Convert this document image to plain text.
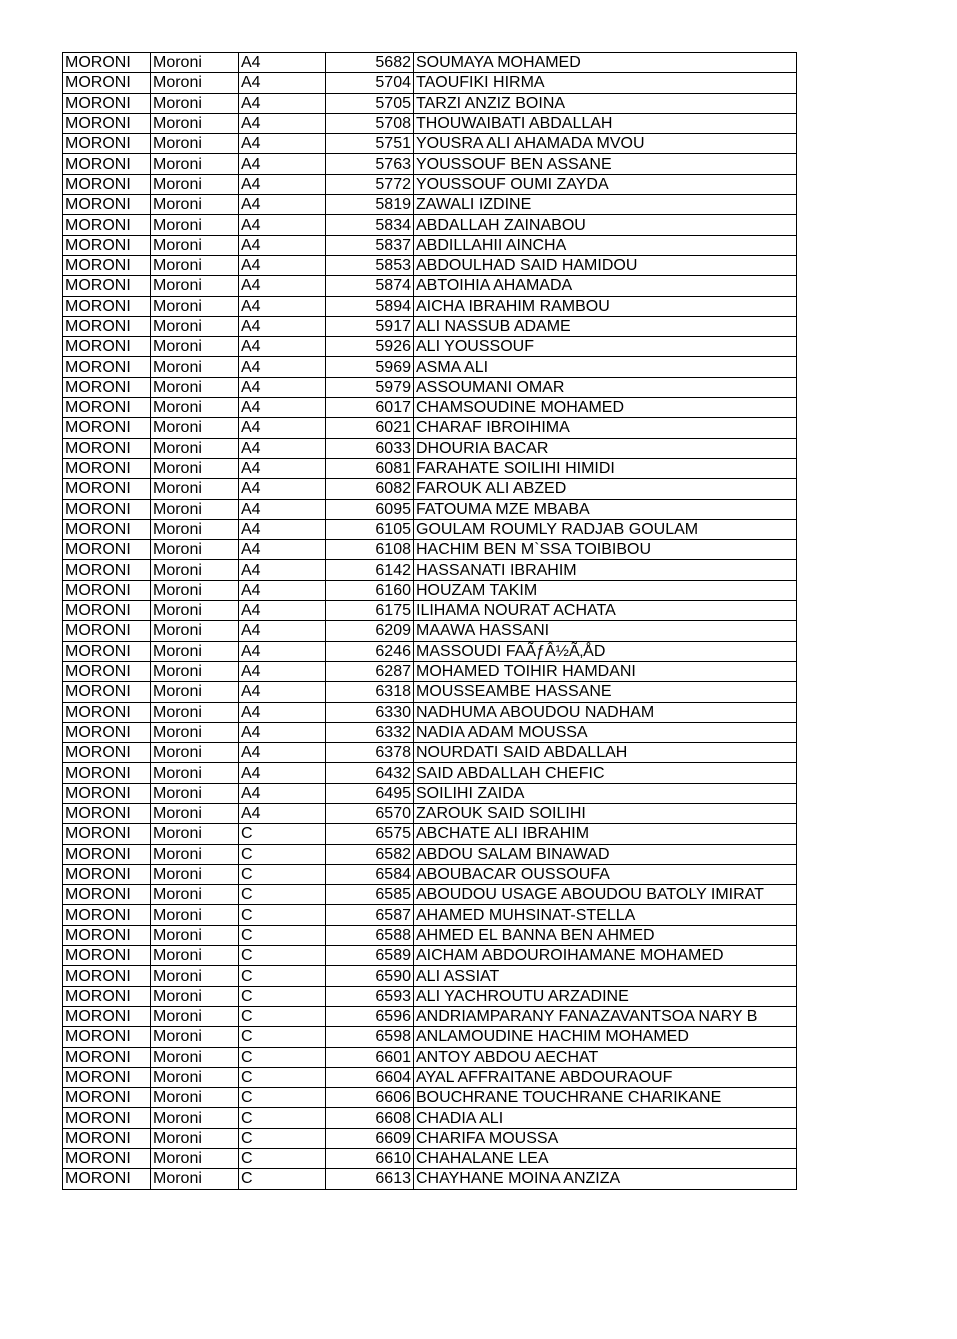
MORONI	Moroni	A4	5682	SOUMAYA MOHAMED
MORONI	Moroni	A4	5704	TAOUFIKI HIRMA
MORONI	Moroni	A4	5705	TARZI ANZIZ BOINA
MORONI	Moroni	A4	5708	THOUWAIBATI ABDALLAH
MORONI	Moroni	A4	5751	YOUSRA ALI AHAMADA MVOU
MORONI	Moroni	A4	5763	YOUSSOUF BEN ASSANE
MORONI	Moroni	A4	5772	YOUSSOUF OUMI ZAYDA
MORONI	Moroni	A4	5819	ZAWALI IZDINE
MORONI	Moroni	A4	5834	ABDALLAH ZAINABOU
MORONI	Moroni	A4	5837	ABDILLAHII AINCHA
MORONI	Moroni	A4	5853	ABDOULHAD SAID HAMIDOU
MORONI	Moroni	A4	5874	ABTOIHIA AHAMADA
MORONI	Moroni	A4	5894	AICHA IBRAHIM RAMBOU
MORONI	Moroni	A4	5917	ALI NASSUB ADAME
MORONI	Moroni	A4	5926	ALI YOUSSOUF
MORONI	Moroni	A4	5969	ASMA ALI
MORONI	Moroni	A4	5979	ASSOUMANI OMAR
MORONI	Moroni	A4	6017	CHAMSOUDINE MOHAMED
MORONI	Moroni	A4	6021	CHARAF IBROIHIMA
MORONI	Moroni	A4	6033	DHOURIA BACAR
MORONI	Moroni	A4	6081	FARAHATE SOILIHI HIMIDI
MORONI	Moroni	A4	6082	FAROUK ALI ABZED
MORONI	Moroni	A4	6095	FATOUMA MZE MBABA
MORONI	Moroni	A4	6105	GOULAM ROUMLY RADJAB GOULAM
MORONI	Moroni	A4	6108	HACHIM BEN M`SSA TOIBIBOU
MORONI	Moroni	A4	6142	HASSANATI IBRAHIM
MORONI	Moroni	A4	6160	HOUZAM TAKIM
MORONI	Moroni	A4	6175	ILIHAMA NOURAT ACHATA
MORONI	Moroni	A4	6209	MAAWA HASSANI
MORONI	Moroni	A4	6246	MASSOUDI FAÃƒÂ½Ã‚ÅD
MORONI	Moroni	A4	6287	MOHAMED TOIHIR HAMDANI
MORONI	Moroni	A4	6318	MOUSSEAMBE HASSANE
MORONI	Moroni	A4	6330	NADHUMA ABOUDOU NADHAM
MORONI	Moroni	A4	6332	NADIA ADAM MOUSSA
MORONI	Moroni	A4	6378	NOURDATI SAID ABDALLAH
MORONI	Moroni	A4	6432	SAID ABDALLAH CHEFIC
MORONI	Moroni	A4	6495	SOILIHI ZAIDA
MORONI	Moroni	A4	6570	ZAROUK SAID SOILIHI
MORONI	Moroni	C	6575	ABCHATE ALI IBRAHIM
MORONI	Moroni	C	6582	ABDOU SALAM BINAWAD
MORONI	Moroni	C	6584	ABOUBACAR OUSSOUFA
MORONI	Moroni	C	6585	ABOUDOU USAGE ABOUDOU BATOLY IMIRAT
MORONI	Moroni	C	6587	AHAMED MUHSINAT-STELLA
MORONI	Moroni	C	6588	AHMED EL BANNA BEN AHMED
MORONI	Moroni	C	6589	AICHAM ABDOUROIHAMANE MOHAMED
MORONI	Moroni	C	6590	ALI ASSIAT
MORONI	Moroni	C	6593	ALI YACHROUTU ARZADINE
MORONI	Moroni	C	6596	ANDRIAMPARANY FANAZAVANTSOA NARY B
MORONI	Moroni	C	6598	ANLAMOUDINE HACHIM MOHAMED
MORONI	Moroni	C	6601	ANTOY ABDOU AECHAT
MORONI	Moroni	C	6604	AYAL AFFRAITANE ABDOURAOUF
MORONI	Moroni	C	6606	BOUCHRANE TOUCHRANE CHARIKANE
MORONI	Moroni	C	6608	CHADIA ALI
MORONI	Moroni	C	6609	CHARIFA MOUSSA
MORONI	Moroni	C	6610	CHAHALANE LEA
MORONI	Moroni	C	6613	CHAYHANE MOINA ANZIZA
